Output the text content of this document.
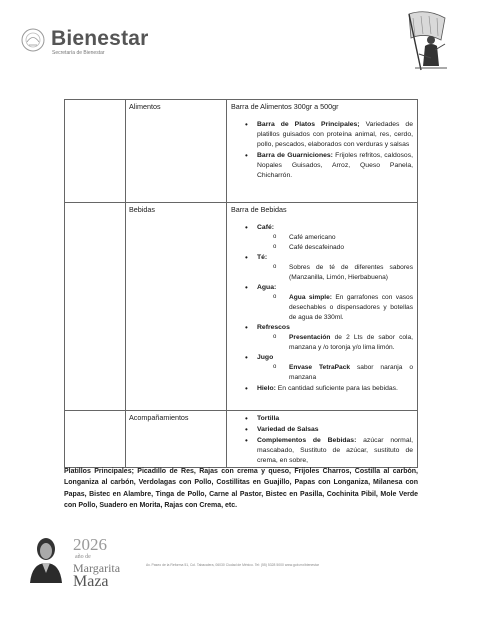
Bienestar
Secretaría de Bienestar
Alimentos	Barra de Alimentos 300gr a 500gr
• Barra de Platos Principales; Variedades de platillos guisados con proteína animal, res, cerdo, pollo, pescados, elaborados con verduras y salsas
• Barra de Guarniciones: Frijoles refritos, caldosos, Nopales Guisados, Arroz, Queso Panela, Chicharrón.
Bebidas	Barra de Bebidas
• Café:
o Café americano
o Café descafeinado
• Té:
o Sobres de té de diferentes sabores (Manzanilla, Limón, Hierbabuena)
• Agua:
o Agua simple: En garrafones con vasos desechables o dispensadores y botellas de agua de 330ml.
• Refrescos
o Presentación de 2 Lts de sabor cola, manzana y /o toronja y/o lima limón.
• Jugo
o Envase TetraPack sabor naranja o manzana
• Hielo: En cantidad suficiente para las bebidas.
Acompañamientos
•	Tortilla
• Variedad de Salsas
• Complementos de Bebidas: azúcar normal, mascabado, Sustituto de azúcar, sustituto de crema, en sobre,
Platillos Principales; Picadillo de Res, Rajas con crema y queso, Frijoles Charros, Costilla al carbón, Longaniza al carbón, Verdolagas con Pollo, Costillitas en Guajillo, Papas con Longaniza, Milanesa con Papas, Bistec en Alambre, Tinga de Pollo, Carne al Pastor, Bistec en Pasilla, Cochinita Pibil, Mole Verde con Pollo, Suadero en Morita, Rajas con Crema, etc.
2026
año de
Margarita
Maza
Av. Paseo de la Reforma 51, Col. Tabacalera, 06030 Ciudad de México. Tel: (55) 5328 5000 www.gob.mx/bienestar
